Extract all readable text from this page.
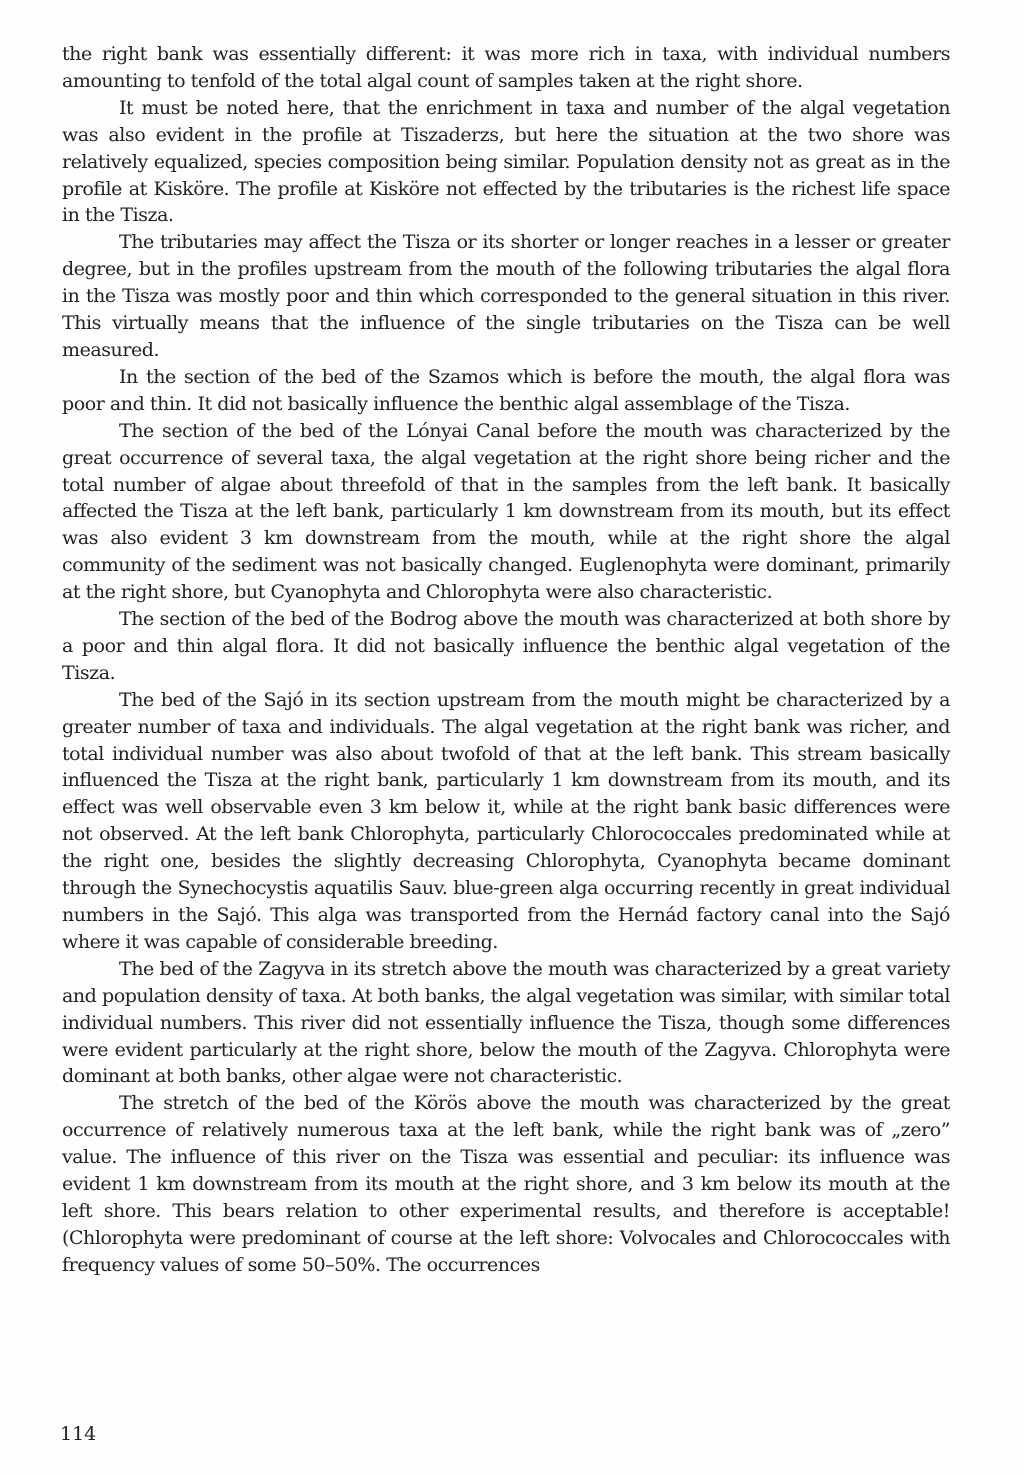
the right bank was essentially different: it was more rich in taxa, with individual numbers amounting to tenfold of the total algal count of samples taken at the right shore.

It must be noted here, that the enrichment in taxa and number of the algal vegetation was also evident in the profile at Tiszaderzs, but here the situation at the two shore was relatively equalized, species composition being similar. Population density not as great as in the profile at Kisköre. The profile at Kisköre not effected by the tributaries is the richest life space in the Tisza.

The tributaries may affect the Tisza or its shorter or longer reaches in a lesser or greater degree, but in the profiles upstream from the mouth of the following tributaries the algal flora in the Tisza was mostly poor and thin which corresponded to the general situation in this river. This virtually means that the influence of the single tributaries on the Tisza can be well measured.

In the section of the bed of the Szamos which is before the mouth, the algal flora was poor and thin. It did not basically influence the benthic algal assemblage of the Tisza.

The section of the bed of the Lónyai Canal before the mouth was characterized by the great occurrence of several taxa, the algal vegetation at the right shore being richer and the total number of algae about threefold of that in the samples from the left bank. It basically affected the Tisza at the left bank, particularly 1 km downstream from its mouth, but its effect was also evident 3 km downstream from the mouth, while at the right shore the algal community of the sediment was not basically changed. Euglenophyta were dominant, primarily at the right shore, but Cyanophyta and Chlorophyta were also characteristic.

The section of the bed of the Bodrog above the mouth was characterized at both shore by a poor and thin algal flora. It did not basically influence the benthic algal vegetation of the Tisza.

The bed of the Sajó in its section upstream from the mouth might be characterized by a greater number of taxa and individuals. The algal vegetation at the right bank was richer, and total individual number was also about twofold of that at the left bank. This stream basically influenced the Tisza at the right bank, particularly 1 km downstream from its mouth, and its effect was well observable even 3 km below it, while at the right bank basic differences were not observed. At the left bank Chlorophyta, particularly Chlorococcales predominated while at the right one, besides the slightly decreasing Chlorophyta, Cyanophyta became dominant through the Synechocystis aquatilis Sauv. blue-green alga occurring recently in great individual numbers in the Sajó. This alga was transported from the Hernád factory canal into the Sajó where it was capable of considerable breeding.

The bed of the Zagyva in its stretch above the mouth was characterized by a great variety and population density of taxa. At both banks, the algal vegetation was similar, with similar total individual numbers. This river did not essentially influence the Tisza, though some differences were evident particularly at the right shore, below the mouth of the Zagyva. Chlorophyta were dominant at both banks, other algae were not characteristic.

The stretch of the bed of the Körös above the mouth was characterized by the great occurrence of relatively numerous taxa at the left bank, while the right bank was of „zero” value. The influence of this river on the Tisza was essential and peculiar: its influence was evident 1 km downstream from its mouth at the right shore, and 3 km below its mouth at the left shore. This bears relation to other experimental results, and therefore is acceptable! (Chlorophyta were predominant of course at the left shore: Volvocales and Chlorococcales with frequency values of some 50–50%. The occurrences

114
